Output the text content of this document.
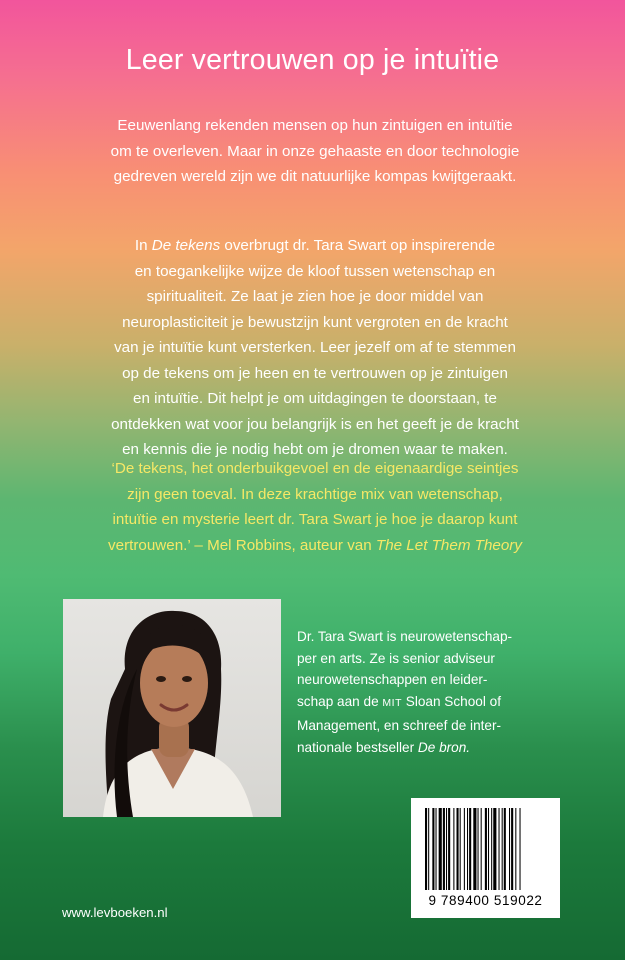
Leer vertrouwen op je intuïtie

Eeuwenlang rekenden mensen op hun zintuigen en intuïtie
om te overleven. Maar in onze gehaaste en door technologie
gedreven wereld zijn we dit natuurlijke kompas kwijtgeraakt.

In De tekens overbrugt dr. Tara Swart op inspirerende
en toegankelijke wijze de kloof tussen wetenschap en
spiritualiteit. Ze laat je zien hoe je door middel van
neuroplasticiteit je bewustzijn kunt vergroten en de kracht
van je intuïtie kunt versterken. Leer jezelf om af te stemmen
op de tekens om je heen en te vertrouwen op je zintuigen
en intuïtie. Dit helpt je om uitdagingen te doorstaan, te
ontdekken wat voor jou belangrijk is en het geeft je de kracht
en kennis die je nodig hebt om je dromen waar te maken.

‘De tekens, het onderbuikgevoel en de eigenaardige seintjes
zijn geen toeval. In deze krachtige mix van wetenschap,
intuïtie en mysterie leert dr. Tara Swart je hoe je daarop kunt
vertrouwen.’ – Mel Robbins, auteur van The Let Them Theory

Dr. Tara Swart is neurowetenschap-
per en arts. Ze is senior adviseur
neurowetenschappen en leider-
schap aan de MIT Sloan School of
Management, en schreef de inter-
nationale bestseller De bron.

9 789400 519022
www.levboeken.nl
